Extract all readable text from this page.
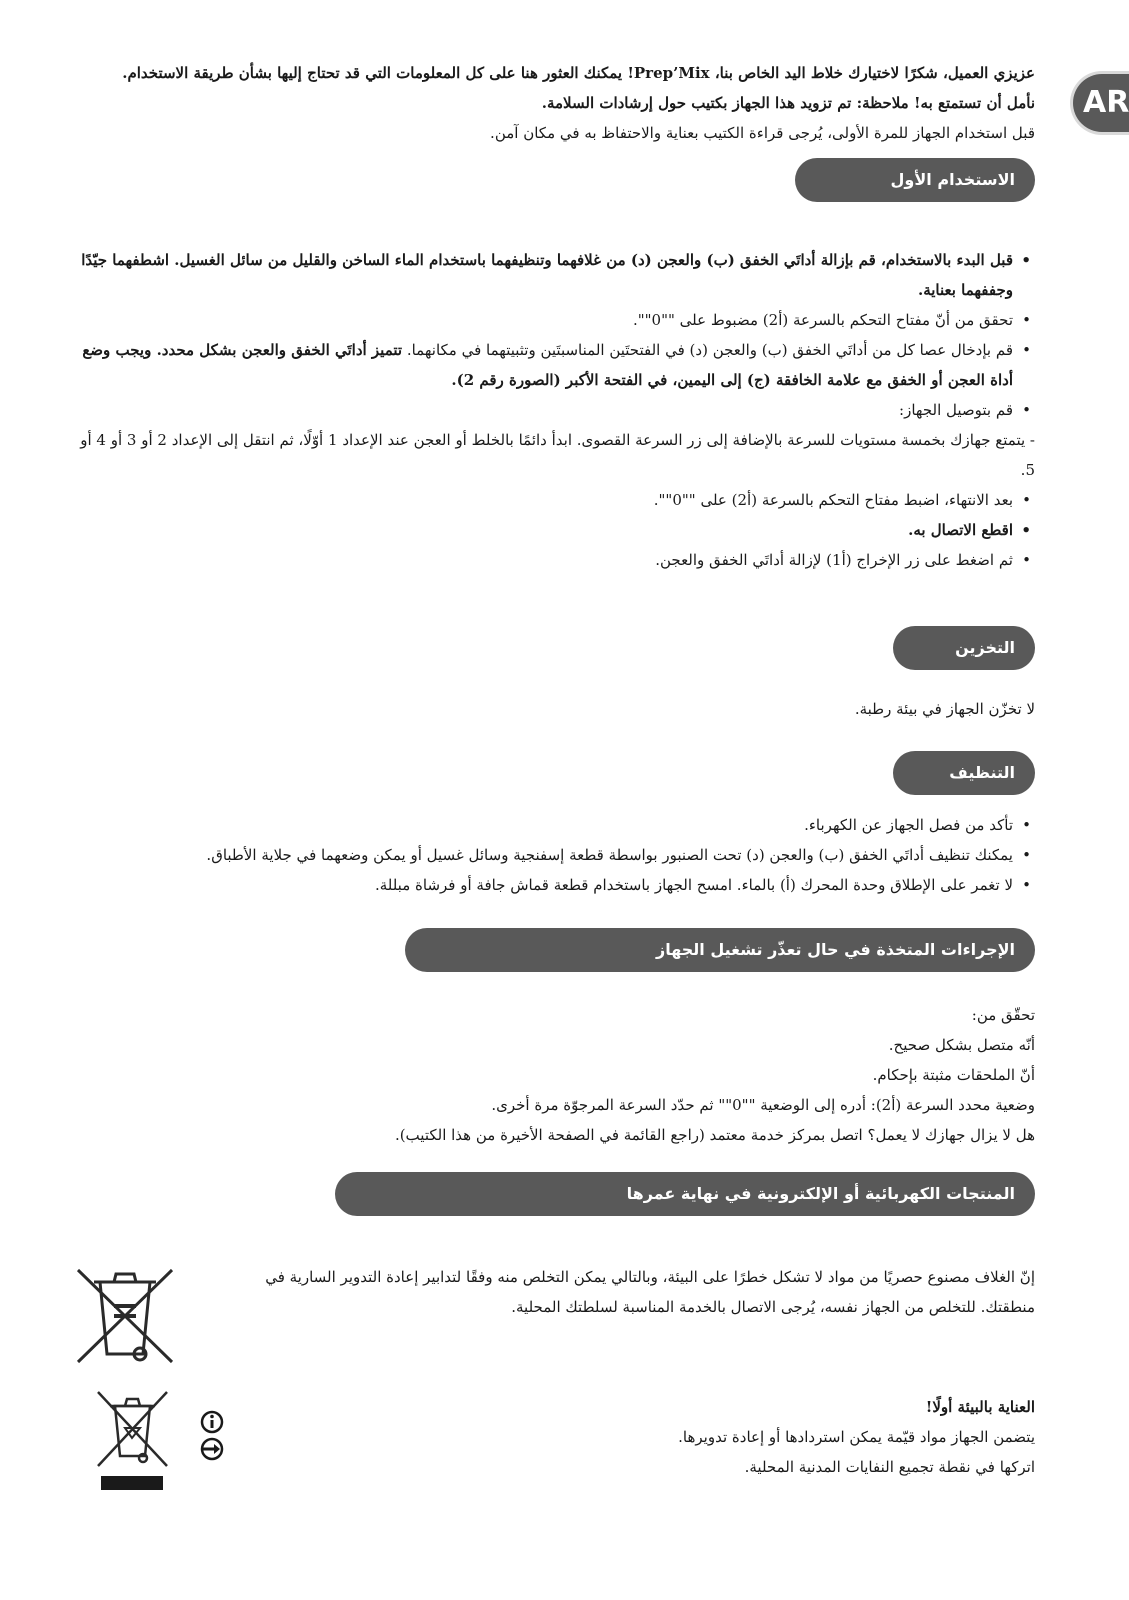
AR

عزيزي العميل، شكرًا لاختيارك خلاط اليد الخاص بنا، Prep’Mix! يمكنك العثور هنا على كل المعلومات التي قد تحتاج إليها بشأن طريقة الاستخدام.

نأمل أن تستمتع به! ملاحظة: تم تزويد هذا الجهاز بكتيب حول إرشادات السلامة.

قبل استخدام الجهاز للمرة الأولى، يُرجى قراءة الكتيب بعناية والاحتفاظ به في مكان آمن.

الاستخدام الأول
• قبل البدء بالاستخدام، قم بإزالة أداتَي الخفق (ب) والعجن (د) من غلافهما وتنظيفهما باستخدام الماء الساخن والقليل من سائل الغسيل. اشطفهما جيّدًا وجففهما بعناية.
• تحقق من أنّ مفتاح التحكم بالسرعة (أ2) مضبوط على ""0"".
• قم بإدخال عصا كل من أداتَي الخفق (ب) والعجن (د) في الفتحتَين المناسبتَين وتثبيتهما في مكانهما. تتميز أداتَي الخفق والعجن بشكل محدد. ويجب وضع أداة العجن أو الخفق مع علامة الخافقة (ج) إلى اليمين، في الفتحة الأكبر (الصورة رقم 2).
• قم بتوصيل الجهاز:

- يتمتع جهازك بخمسة مستويات للسرعة بالإضافة إلى زر السرعة القصوى. ابدأ دائمًا بالخلط أو العجن عند الإعداد 1 أوّلًا، ثم انتقل إلى الإعداد 2 أو 3 أو 4 أو 5.

• بعد الانتهاء، اضبط مفتاح التحكم بالسرعة (أ2) على ""0"".
• اقطع الاتصال به.
• ثم اضغط على زر الإخراج (أ1) لإزالة أداتَي الخفق والعجن.
التخزين

لا تخزّن الجهاز في بيئة رطبة.

التنظيف
• تأكد من فصل الجهاز عن الكهرباء.
• يمكنك تنظيف أداتَي الخفق (ب) والعجن (د) تحت الصنبور بواسطة قطعة إسفنجية وسائل غسيل أو يمكن وضعهما في جلاية الأطباق.
• لا تغمر على الإطلاق وحدة المحرك (أ) بالماء. امسح الجهاز باستخدام قطعة قماش جافة أو فرشاة مبللة.
الإجراءات المتخذة في حال تعذّر تشغيل الجهاز

تحقّق من:

أنّه متصل بشكل صحيح.

أنّ الملحقات مثبتة بإحكام.

وضعية محدد السرعة (أ2): أدره إلى الوضعية ""0"" ثم حدّد السرعة المرجوّة مرة أخرى.

هل لا يزال جهازك لا يعمل؟ اتصل بمركز خدمة معتمد (راجع القائمة في الصفحة الأخيرة من هذا الكتيب).

المنتجات الكهربائية أو الإلكترونية في نهاية عمرها

إنّ الغلاف مصنوع حصريًا من مواد لا تشكل خطرًا على البيئة، وبالتالي يمكن التخلص منه وفقًا لتدابير إعادة التدوير السارية في منطقتك. للتخلص من الجهاز نفسه، يُرجى الاتصال بالخدمة المناسبة لسلطتك المحلية.

العناية بالبيئة أولًا!

يتضمن الجهاز مواد قيّمة يمكن استردادها أو إعادة تدويرها.

اتركها في نقطة تجميع النفايات المدنية المحلية.
